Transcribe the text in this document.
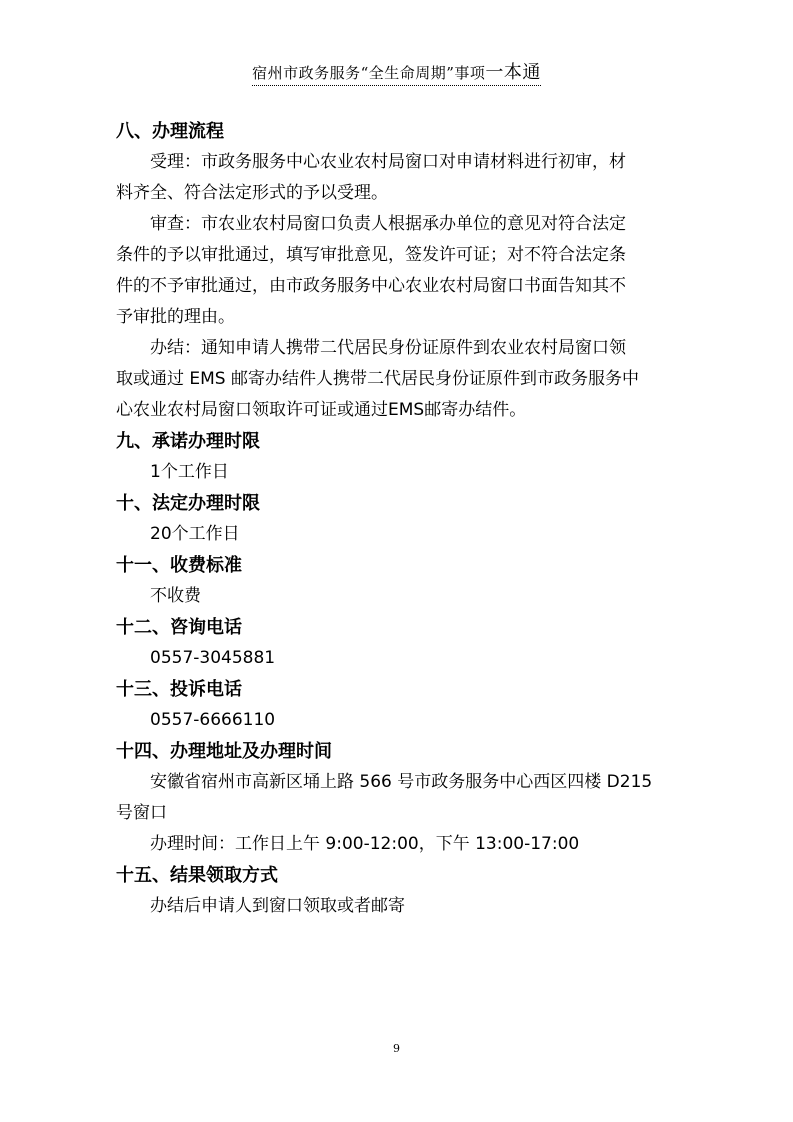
宿州市政务服务“全生命周期”事项一本通
八、办理流程
受理：市政务服务中心农业农村局窗口对申请材料进行初审，材
料齐全、符合法定形式的予以受理。
审查：市农业农村局窗口负责人根据承办单位的意见对符合法定
条件的予以审批通过，填写审批意见，签发许可证；对不符合法定条
件的不予审批通过，由市政务服务中心农业农村局窗口书面告知其不
予审批的理由。
办结：通知申请人携带二代居民身份证原件到农业农村局窗口领
取或通过 EMS 邮寄办结件人携带二代居民身份证原件到市政务服务中
心农业农村局窗口领取许可证或通过EMS邮寄办结件。
九、承诺办理时限
1个工作日
十、法定办理时限
20个工作日
十一、收费标准
不收费
十二、咨询电话
0557-3045881
十三、投诉电话
0557-6666110
十四、办理地址及办理时间
安徽省宿州市高新区埇上路 566 号市政务服务中心西区四楼 D215
号窗口
办理时间：工作日上午 9:00-12:00，下午 13:00-17:00
十五、结果领取方式
办结后申请人到窗口领取或者邮寄
9
